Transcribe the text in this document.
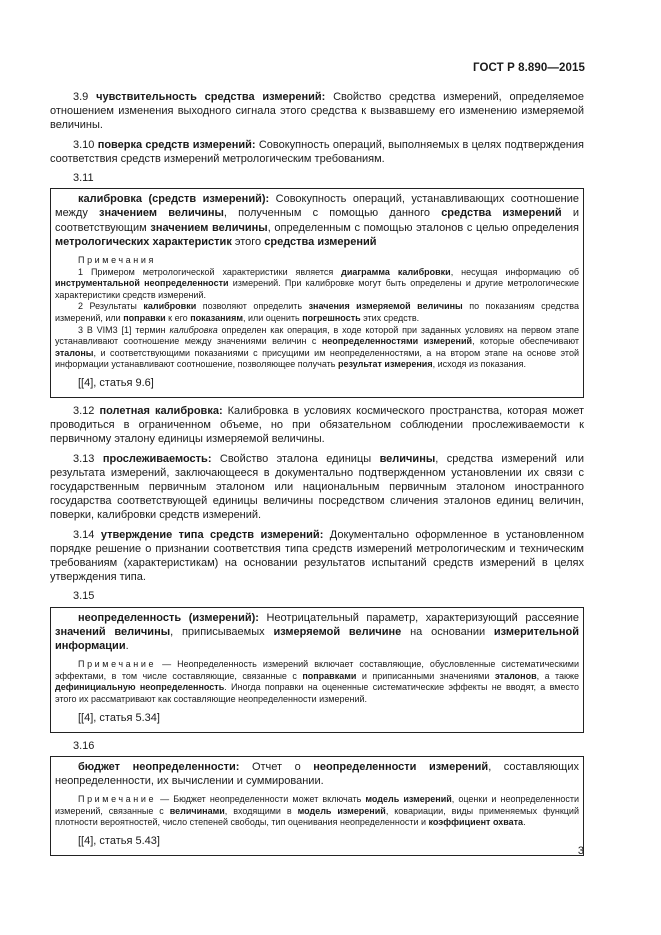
ГОСТ Р 8.890—2015

3.9 чувствительность средства измерений: Свойство средства измерений, определяемое отношением изменения выходного сигнала этого средства к вызвавшему его изменению измеряемой величины.

3.10 поверка средств измерений: Совокупность операций, выполняемых в целях подтверждения соответствия средств измерений метрологическим требованиям.

3.11

калибровка (средств измерений): Совокупность операций, устанавливающих соотношение между значением величины, полученным с помощью данного средства измерений и соответствующим значением величины, определенным с помощью эталонов с целью определения метрологических характеристик этого средства измерений

Примечания

1 Примером метрологической характеристики является диаграмма калибровки, несущая информацию об инструментальной неопределенности измерений. При калибровке могут быть определены и другие метрологические характеристики средств измерений.

2 Результаты калибровки позволяют определить значения измеряемой величины по показаниям средства измерений, или поправки к его показаниям, или оценить погрешность этих средств.

3 В VIM3 [1] термин калибровка определен как операция, в ходе которой при заданных условиях на первом этапе устанавливают соотношение между значениями величин с неопределенностями измерений, которые обеспечивают эталоны, и соответствующими показаниями с присущими им неопределенностями, а на втором этапе на основе этой информации устанавливают соотношение, позволяющее получать результат измерения, исходя из показания.

[[4], статья 9.6]

3.12 полетная калибровка: Калибровка в условиях космического пространства, которая может проводиться в ограниченном объеме, но при обязательном соблюдении прослеживаемости к первичному эталону единицы измеряемой величины.

3.13 прослеживаемость: Свойство эталона единицы величины, средства измерений или результата измерений, заключающееся в документально подтвержденном установлении их связи с государственным первичным эталоном или национальным первичным эталоном иностранного государства соответствующей единицы величины посредством сличения эталонов единиц величин, поверки, калибровки средств измерений.

3.14 утверждение типа средств измерений: Документально оформленное в установленном порядке решение о признании соответствия типа средств измерений метрологическим и техническим требованиям (характеристикам) на основании результатов испытаний средств измерений в целях утверждения типа.

3.15

неопределенность (измерений): Неотрицательный параметр, характеризующий рассеяние значений величины, приписываемых измеряемой величине на основании измерительной информации.

Примечание — Неопределенность измерений включает составляющие, обусловленные систематическими эффектами, в том числе составляющие, связанные с поправками и приписанными значениями эталонов, а также дефинициальную неопределенность. Иногда поправки на оцененные систематические эффекты не вводят, а вместо этого их рассматривают как составляющие неопределенности измерений.

[[4], статья 5.34]
3.16

бюджет неопределенности: Отчет о неопределенности измерений, составляющих неопределенности, их вычислении и суммировании.

Примечание — Бюджет неопределенности может включать модель измерений, оценки и неопределенности измерений, связанные с величинами, входящими в модель измерений, ковариации, виды применяемых функций плотности вероятностей, число степеней свободы, тип оценивания неопределенности и коэффициент охвата.

[[4], статья 5.43]
3
